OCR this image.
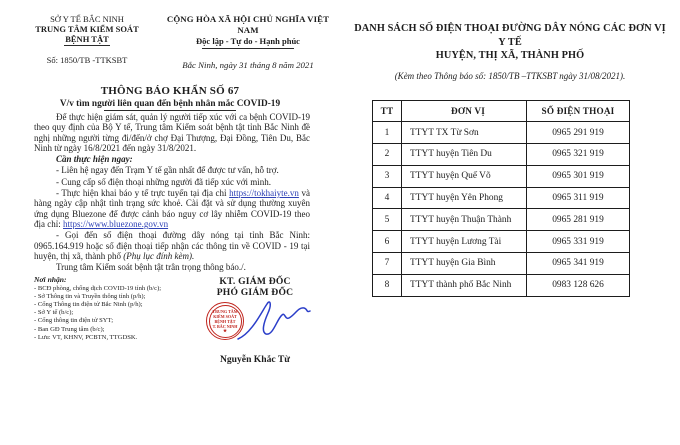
SỞ Y TẾ BẮC NINH
TRUNG TÂM KIỂM SOÁT
BỆNH TẬT
Số: 1850/TB -TTKSBT
CỘNG HÒA XÃ HỘI CHỦ NGHĨA VIỆT NAM
Độc lập - Tự do - Hạnh phúc
Bắc Ninh, ngày 31 tháng 8 năm 2021
THÔNG BÁO KHẨN SỐ 67
V/v tìm người liên quan đến bệnh nhân mắc COVID-19

Để thực hiện giám sát, quản lý người tiếp xúc với ca bệnh COVID-19 theo quy định của Bộ Y tế, Trung tâm Kiểm soát bệnh tật tỉnh Bắc Ninh đề nghị những người từng đi/đến/ở chợ Đại Thượng, Đại Đồng, Tiên Du, Bắc Ninh từ ngày 16/8/2021 đến ngày 31/8/2021.

Cần thực hiện ngay:

- Liên hệ ngay đến Trạm Y tế gần nhất để được tư vấn, hỗ trợ.

- Cung cấp số điện thoại những người đã tiếp xúc với mình.

- Thực hiện khai báo y tế trực tuyến tại địa chỉ https://tokhaiyte.vn và hàng ngày cập nhật tình trạng sức khoẻ. Cài đặt và sử dụng thường xuyên ứng dụng Bluezone để được cảnh báo nguy cơ lây nhiễm COVID-19 theo địa chỉ: https://www.bluezone.gov.vn

- Gọi đến số điện thoại đường dây nóng tại tỉnh Bắc Ninh: 0965.164.919 hoặc số điện thoại tiếp nhận các thông tin về COVID - 19 tại huyện, thị xã, thành phố (Phụ lục đính kèm).

Trung tâm Kiểm soát bệnh tật trân trọng thông báo./.

Nơi nhận:
- BCĐ phòng, chống dịch COVID-19 tỉnh (b/c);
- Sở Thông tin và Truyền thông tỉnh (p/h);
- Cổng Thông tin điện tử Bắc Ninh (p/h);
- Sở Y tế (b/c);
- Cổng thông tin điện tử SYT;
- Ban GĐ Trung tâm (b/c);
- Lưu: VT, KHNV, PCBTN, TTGDSK.
KT. GIÁM ĐỐC
PHÓ GIÁM ĐỐC
TRUNG TÂM
KIỂM SOÁT BỆNH TẬT
T. BẮC NINH
★
Nguyễn Khắc Từ
DANH SÁCH SỐ ĐIỆN THOẠI ĐƯỜNG DÂY NÓNG CÁC ĐƠN VỊ Y TẾ
HUYỆN, THỊ XÃ, THÀNH PHỐ
(Kèm theo Thông báo số: 1850/TB –TTKSBT ngày 31/08/2021).
TT	ĐƠN VỊ	SỐ ĐIỆN THOẠI
1	TTYT TX Từ Sơn	0965 291 919
2	TTYT huyện Tiên Du	0965 321 919
3	TTYT huyện Quế Võ	0965 301 919
4	TTYT huyện Yên Phong	0965 311 919
5	TTYT huyện Thuận Thành	0965 281 919
6	TTYT huyện Lương Tài	0965 331 919
7	TTYT huyện Gia Bình	0965 341 919
8	TTYT thành phố Bắc Ninh	0983 128 626
